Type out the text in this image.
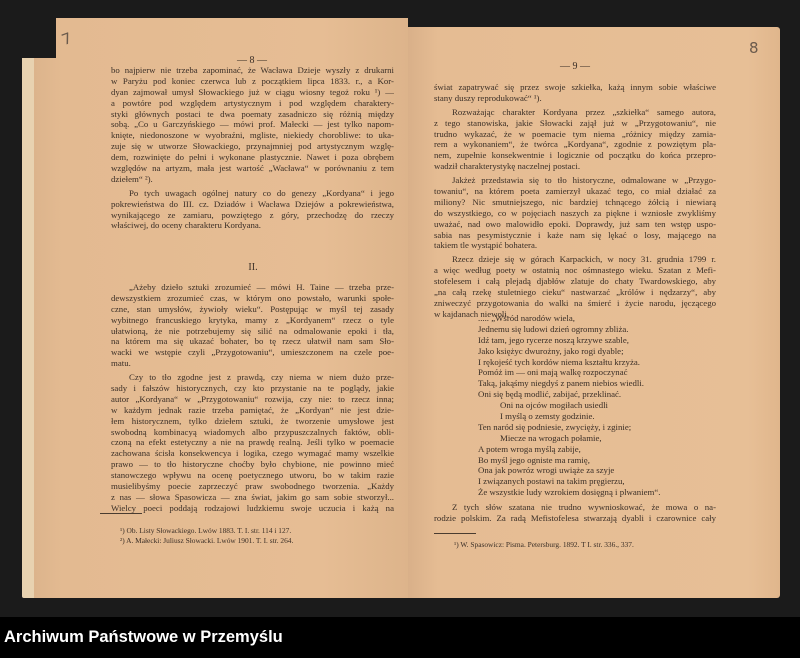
7	8
— 8 —
— 9 —
bo najpierw nie trzeba zapominać, że Wacława Dzieje wyszły z drukarni
w Paryżu pod koniec czerwca lub z początkiem lipca 1833. r., a Kor-
dyan zajmował umysł Słowackiego już w ciągu wiosny tegoż roku ¹) —
a powtóre pod względem artystycznym i pod względem charaktery-
styki głównych postaci te dwa poematy zasadniczo się różnią między
sobą. „Co u Garczyńskiego — mówi prof. Małecki — jest tylko napom-
knięte, niedonoszone w wyobraźni, mgliste, niekiedy chorobliwe: to uka-
zuje się w utworze Słowackiego, przynajmniej pod artystycznym wzglę-
dem, rozwinięte do pełni i wykonane plastycznie. Nawet i poza obrębem
względów na artyzm, mała jest wartość „Wacława“ w porównaniu z tem
dziełem“ ²).
Po tych uwagach ogólnej natury co do genezy „Kordyana“ i jego
pokrewieństwa do III. cz. Dziadów i Wacława Dziejów a pokrewieństwa,
wynikającego ze zamiaru, powziętego z góry, przechodzę do rzeczy
właściwej, do oceny charakteru Kordyana.
II.
„Ażeby dzieło sztuki zrozumieć — mówi H. Taine — trzeba prze-
dewszystkiem zrozumieć czas, w którym ono powstało, warunki społe-
czne, stan umysłów, żywioły wieku“. Postępując w myśl tej zasady
wybitnego francuskiego krytyka, mamy z „Kordyanem“ rzecz o tyle
ułatwioną, że nie potrzebujemy się silić na odmalowanie epoki i tła,
na którem ma się ukazać bohater, bo tę rzecz ułatwił nam sam Sło-
wacki we wstępie czyli „Przygotowaniu“, umieszczonem na czele poe-
matu.
Czy to tło zgodne jest z prawdą, czy niema w niem dużo prze-
sady i fałszów historycznych, czy kto przystanie na te poglądy, jakie
autor „Kordyana“ w „Przygotowaniu“ rozwija, czy nie: to rzecz inna;
w każdym jednak razie trzeba pamiętać, że „Kordyan“ nie jest dzie-
łem historycznem, tylko dziełem sztuki, że tworzenie umysłowe jest
swobodną kombinacyą wiadomych albo przypuszczalnych faktów, obli-
czoną na efekt estetyczny a nie na prawdę realną. Jeśli tylko w poemacie
zachowana ścisła konsekwencya i logika, czego wymagać mamy wszelkie
prawo — to tło historyczne choćby było chybione, nie powinno mieć
stanowczego wpływu na ocenę poetycznego utworu, bo w takim razie
musielibyśmy poecie zaprzeczyć praw swobodnego tworzenia. „Każdy
z nas — słowa Spasowicza — zna świat, jakim go sam sobie stworzył...
Wielcy poeci poddają rodzajowi ludzkiemu swoje uczucia i każą na
¹) Ob. Listy Słowackiego. Lwów 1883. T. I. str. 114 i 127.
²) A. Małecki: Juliusz Słowacki. Lwów 1901. T. I. str. 264.
świat zapatrywać się przez swoje szkiełka, każą innym sobie właściwe
stany duszy reprodukować“ ¹).
Rozważając charakter Kordyana przez „szkiełka“ samego autora,
z tego stanowiska, jakie Słowacki zajął już w „Przygotowaniu“, nie
trudno wykazać, że w poemacie tym niema „różnicy między zamia-
rem a wykonaniem“, że twórca „Kordyana“, zgodnie z powziętym pla-
nem, zupełnie konsekwentnie i logicznie od początku do końca przepro-
wadził charakterystykę naczelnej postaci.
Jakżeż przedstawia się to tło historyczne, odmalowane w „Przygo-
towaniu“, na którem poeta zamierzył ukazać tego, co miał działać za
miliony? Nic smutniejszego, nic bardziej tchnącego żółcią i niewiarą
do wszystkiego, co w pojęciach naszych za piękne i wzniosłe zwykliśmy
uważać, nad owo malowidło epoki. Doprawdy, już sam ten wstęp uspo-
sabia nas pesymistycznie i każe nam się lękać o losy, mającego na
takiem tle wystąpić bohatera.
Rzecz dzieje się w górach Karpackich, w nocy 31. grudnia 1799 r.
a więc według poety w ostatnią noc ośmnastego wieku. Szatan z Mefi-
stofelesem i całą plejadą djabłów zlatuje do chaty Twardowskiego, aby
„na całą rzekę stuletniego cieku“ nastwarzać „królów i nędzarzy“, aby
zniweczyć przygotowania do walki na śmierć i życie narodu, jęczącego
w kajdanach niewoli.
..... „Wśród narodów wiela,
Jednemu się ludowi dzień ogromny zbliża.
Idź tam, jego rycerze noszą krzywe szable,
Jako księżyc dwurożny, jako rogi dyable;
I rękojeść tych kordów niema kształtu krzyża.
Pomóż im — oni mają walkę rozpoczynać
Taką, jakąśmy niegdyś z panem niebios wiedli.
Oni się będą modlić, zabijać, przeklinać.
Oni na ojców mogiłach usiedli
I myślą o zemsty godzinie.
Ten naród się podniesie, zwycięży, i zginie;
Miecze na wrogach połamie,
A potem wroga myślą zabije,
Bo myśl jego ogniste ma ramię,
Ona jak powróz wrogi uwiąże za szyje
I związanych postawi na takim pręgierzu,
Że wszystkie ludy wzrokiem dosięgną i plwaniem“.
Z tych słów szatana nie trudno wywnioskować, że mowa o na-
rodzie polskim. Za radą Mefistofelesa stwarzają dyabli i czarownice cały
¹) W. Spasowicz: Pisma. Petersburg. 1892. T I. str. 336., 337.
Archiwum Państwowe w Przemyślu
